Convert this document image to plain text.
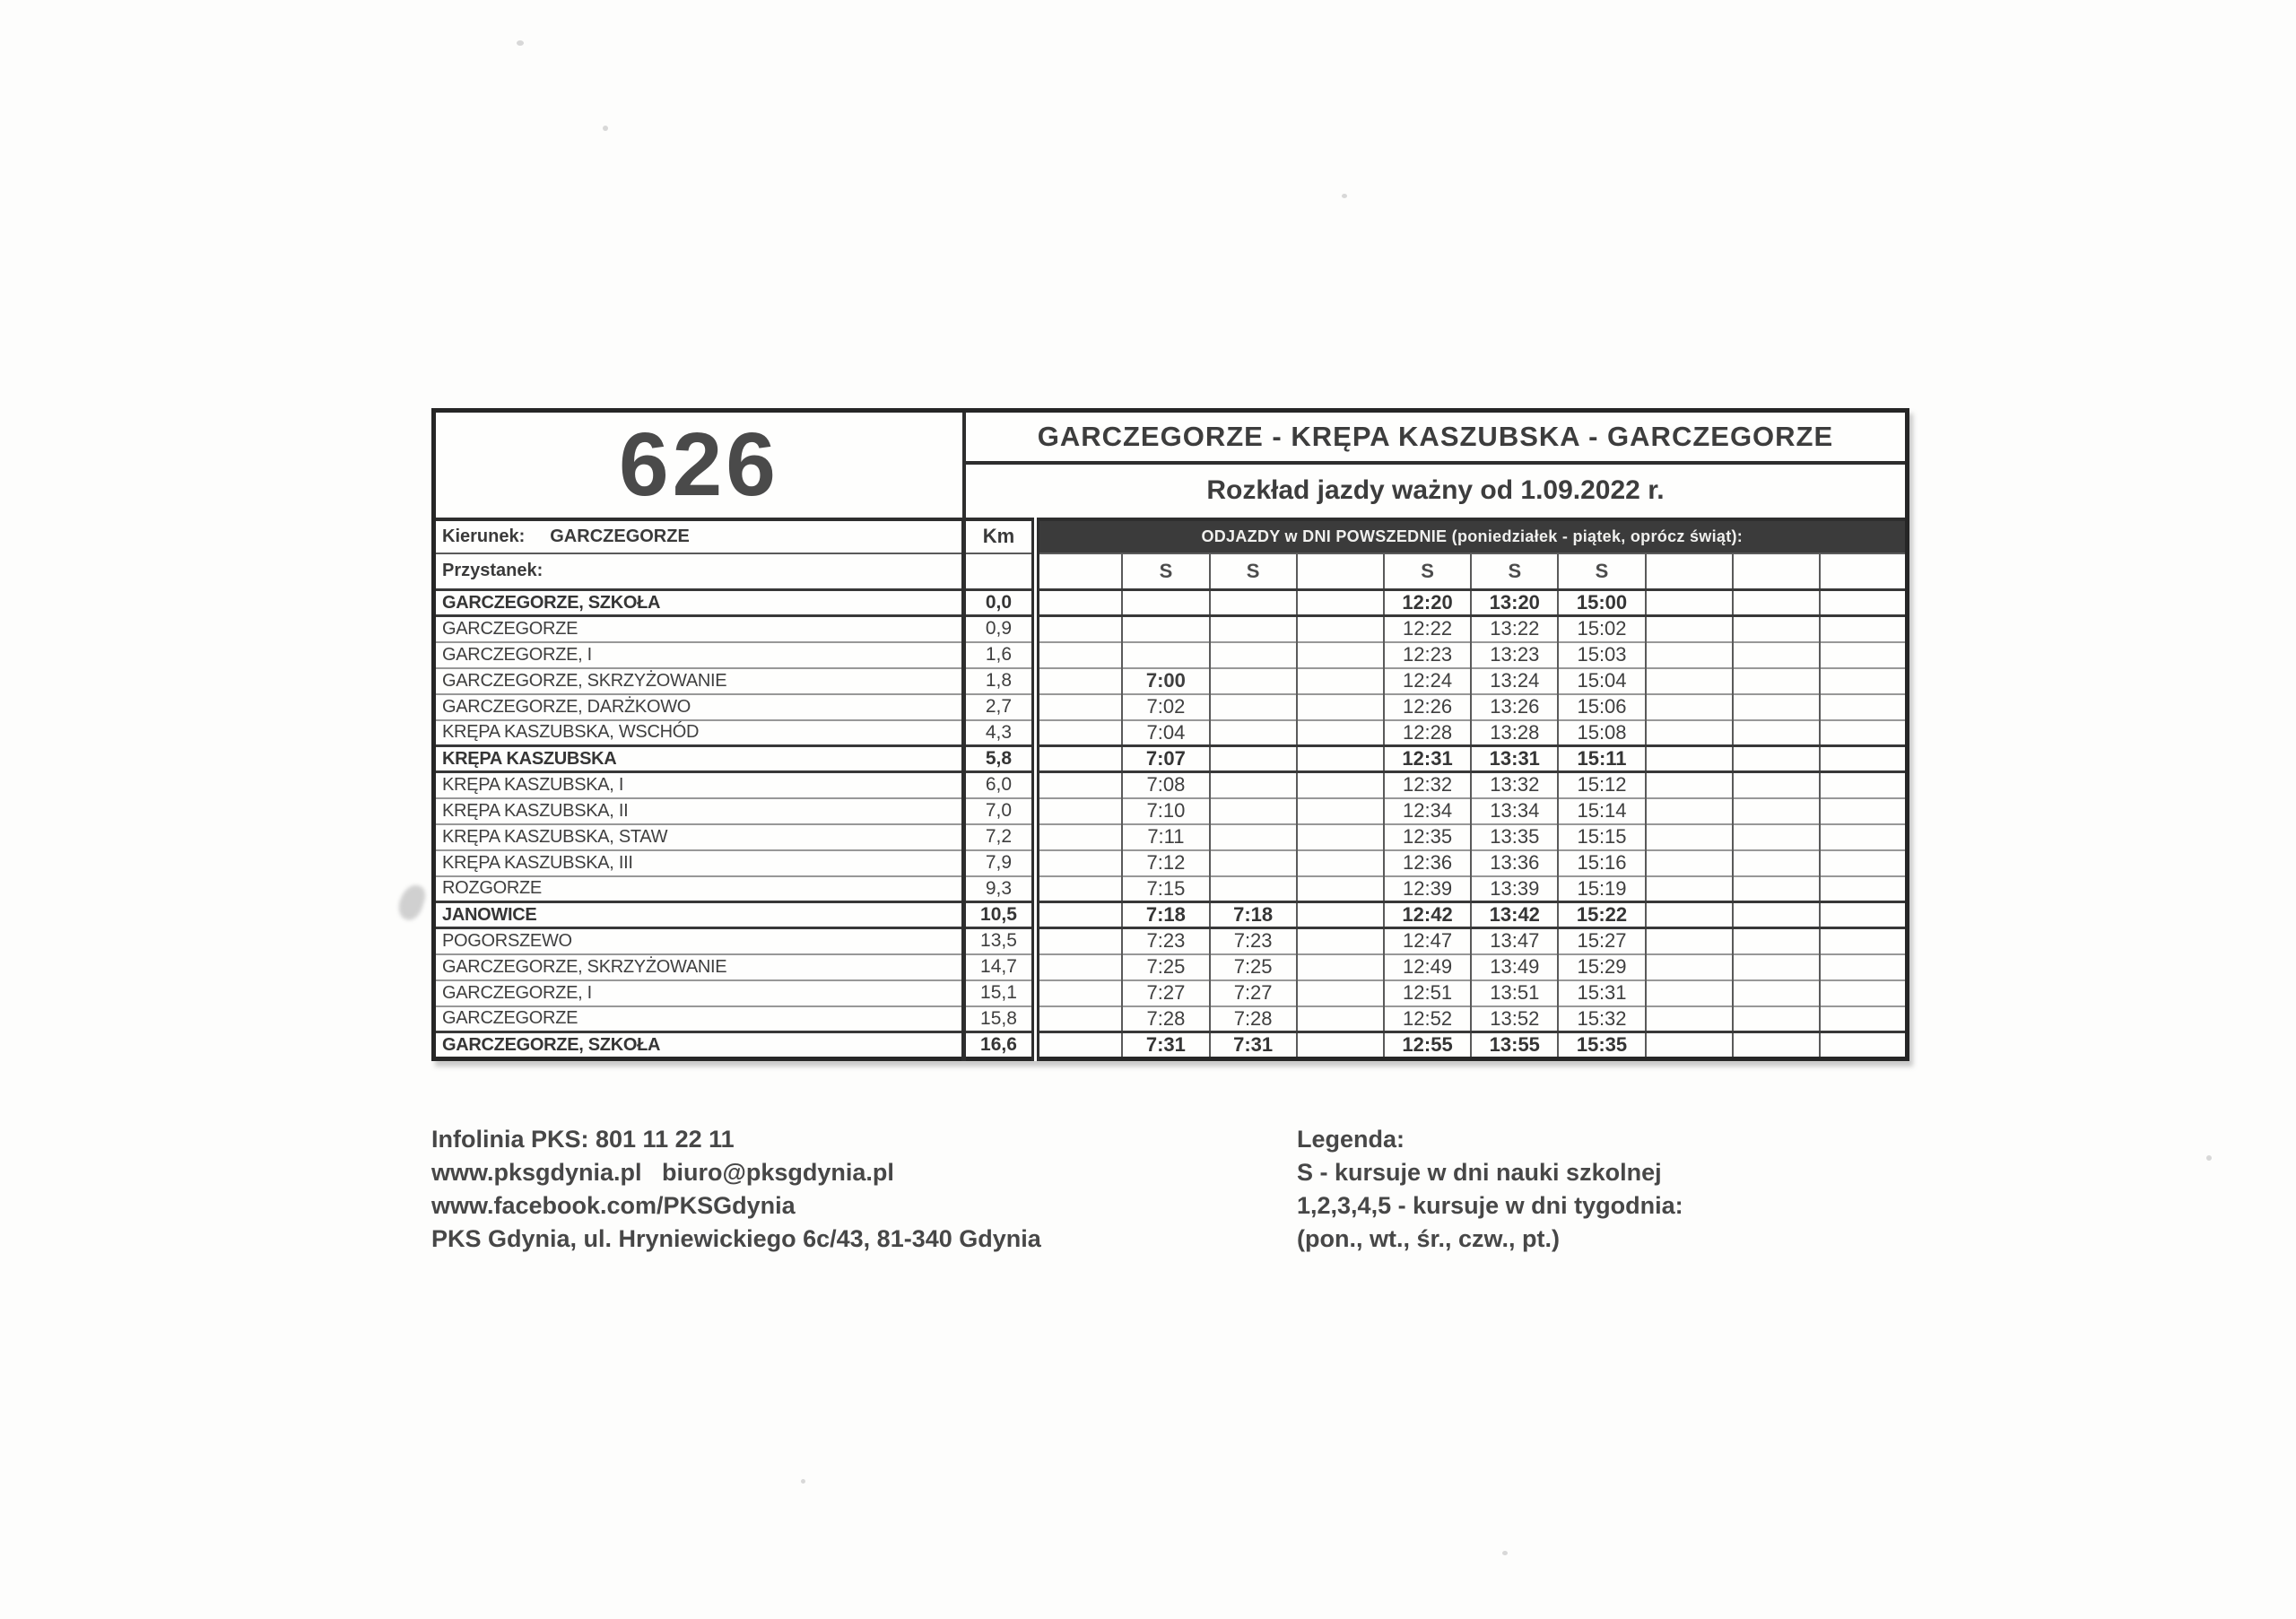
626	GARCZEGORZE - KRĘPA KASZUBSKA - GARCZEGORZE										
	Rozkład jazdy ważny od 1.09.2022 r.										
Kierunek: GARCZEGORZE	Km	ODJAZDY w DNI POWSZEDNIE (poniedziałek - piątek, oprócz świąt):									
Przystanek:			S	S		S	S	S			
GARCZEGORZE, SZKOŁA	0,0					12:20	13:20	15:00			
GARCZEGORZE	0,9					12:22	13:22	15:02			
GARCZEGORZE, I	1,6					12:23	13:23	15:03			
GARCZEGORZE, SKRZYŻOWANIE	1,8		7:00			12:24	13:24	15:04			
GARCZEGORZE, DARŻKOWO	2,7		7:02			12:26	13:26	15:06			
KRĘPA KASZUBSKA, WSCHÓD	4,3		7:04			12:28	13:28	15:08			
KRĘPA KASZUBSKA	5,8		7:07			12:31	13:31	15:11			
KRĘPA KASZUBSKA, I	6,0		7:08			12:32	13:32	15:12			
KRĘPA KASZUBSKA, II	7,0		7:10			12:34	13:34	15:14			
KRĘPA KASZUBSKA, STAW	7,2		7:11			12:35	13:35	15:15			
KRĘPA KASZUBSKA, III	7,9		7:12			12:36	13:36	15:16			
ROZGORZE	9,3		7:15			12:39	13:39	15:19			
JANOWICE	10,5		7:18	7:18		12:42	13:42	15:22			
POGORSZEWO	13,5		7:23	7:23		12:47	13:47	15:27			
GARCZEGORZE, SKRZYŻOWANIE	14,7		7:25	7:25		12:49	13:49	15:29			
GARCZEGORZE, I	15,1		7:27	7:27		12:51	13:51	15:31			
GARCZEGORZE	15,8		7:28	7:28		12:52	13:52	15:32			
GARCZEGORZE, SZKOŁA	16,6		7:31	7:31		12:55	13:55	15:35			
Infolinia PKS: 801 11 22 11
www.pksgdynia.pl   biuro@pksgdynia.pl
www.facebook.com/PKSGdynia
PKS Gdynia, ul. Hryniewickiego 6c/43, 81-340 Gdynia
Legenda:
S - kursuje w dni nauki szkolnej
1,2,3,4,5 - kursuje w dni tygodnia:
(pon., wt., śr., czw., pt.)
